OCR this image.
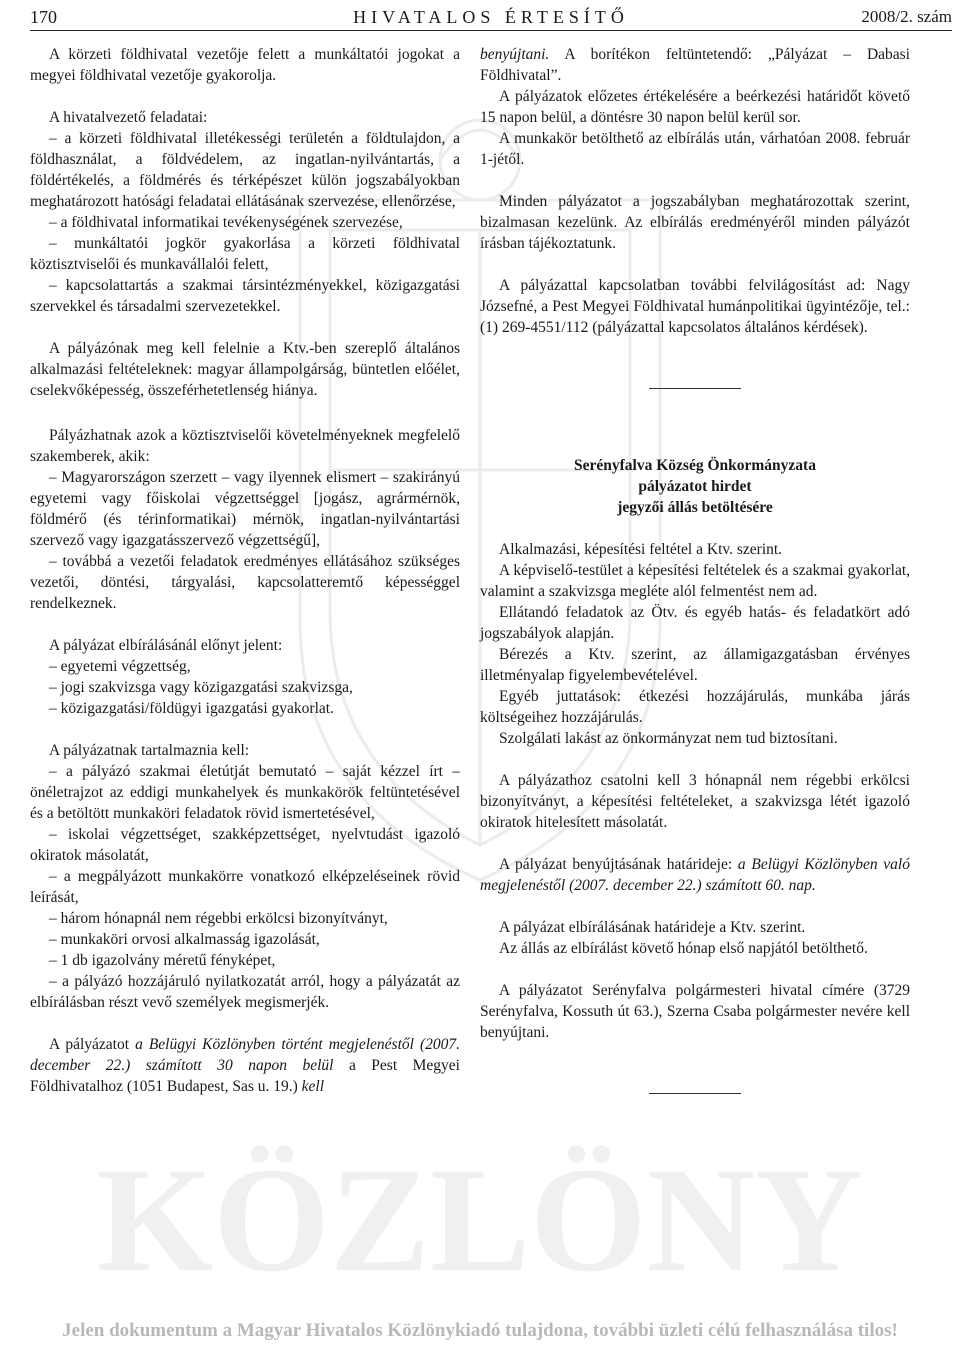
KÖZLÖNY
170	HIVATALOS ÉRTESÍTŐ	2008/2. szám

A körzeti földhivatal vezetője felett a munkáltatói jogokat a megyei földhivatal vezetője gyakorolja.

A hivatalvezető feladatai:

– a körzeti földhivatal illetékességi területén a földtulajdon, a földhasználat, a földvédelem, az ingatlan-nyilvántartás, a földértékelés, a földmérés és térképészet külön jogszabályokban meghatározott hatósági feladatai ellátásának szervezése, ellenőrzése,

– a földhivatal informatikai tevékenységének szervezése,

– munkáltatói jogkör gyakorlása a körzeti földhivatal köztisztviselői és munkavállalói felett,

– kapcsolattartás a szakmai társintézményekkel, közigazgatási szervekkel és társadalmi szervezetekkel.

A pályázónak meg kell felelnie a Ktv.-ben szereplő általános alkalmazási feltételeknek: magyar állampolgárság, büntetlen előélet, cselekvőképesség, összeférhetetlenség hiánya.

Pályázhatnak azok a köztisztviselői követelményeknek megfelelő szakemberek, akik:

– Magyarországon szerzett – vagy ilyennek elismert – szakirányú egyetemi vagy főiskolai végzettséggel [jogász, agrármérnök, földmérő (és térinformatikai) mérnök, ingatlan-nyilvántartási szervező vagy igazgatásszervező végzettségű],

– továbbá a vezetői feladatok eredményes ellátásához szükséges vezetői, döntési, tárgyalási, kapcsolatteremtő képességgel rendelkeznek.

A pályázat elbírálásánál előnyt jelent:

– egyetemi végzettség,

– jogi szakvizsga vagy közigazgatási szakvizsga,

– közigazgatási/földügyi igazgatási gyakorlat.

A pályázatnak tartalmaznia kell:

– a pályázó szakmai életútját bemutató – saját kézzel írt – önéletrajzot az eddigi munkahelyek és munkakörök feltüntetésével és a betöltött munkaköri feladatok rövid ismertetésével,

– iskolai végzettséget, szakképzettséget, nyelvtudást igazoló okiratok másolatát,

– a megpályázott munkakörre vonatkozó elképzeléseinek rövid leírását,

– három hónapnál nem régebbi erkölcsi bizonyítványt,

– munkaköri orvosi alkalmasság igazolását,

– 1 db igazolvány méretű fényképet,

– a pályázó hozzájáruló nyilatkozatát arról, hogy a pályázatát az elbírálásban részt vevő személyek megismerjék.

A pályázatot a Belügyi Közlönyben történt megjelenéstől (2007. december 22.) számított 30 napon belül a Pest Megyei Földhivatalhoz (1051 Budapest, Sas u. 19.) kell

benyújtani. A borítékon feltüntetendő: „Pályázat – Dabasi Földhivatal”.

A pályázatok előzetes értékelésére a beérkezési határidőt követő 15 napon belül, a döntésre 30 napon belül kerül sor.

A munkakör betölthető az elbírálás után, várhatóan 2008. február 1-jétől.

Minden pályázatot a jogszabályban meghatározottak szerint, bizalmasan kezelünk. Az elbírálás eredményéről minden pályázót írásban tájékoztatunk.

A pályázattal kapcsolatban további felvilágosítást ad: Nagy Józsefné, a Pest Megyei Földhivatal humánpolitikai ügyintézője, tel.: (1) 269-4551/112 (pályázattal kapcsolatos általános kérdések).

Serényfalva Község Önkormányzata

pályázatot hirdet

jegyzői állás betöltésére

Alkalmazási, képesítési feltétel a Ktv. szerint.

A képviselő-testület a képesítési feltételek és a szakmai gyakorlat, valamint a szakvizsga megléte alól felmentést nem ad.

Ellátandó feladatok az Ötv. és egyéb hatás- és feladatkört adó jogszabályok alapján.

Bérezés a Ktv. szerint, az államigazgatásban érvényes illetményalap figyelembevételével.

Egyéb juttatások: étkezési hozzájárulás, munkába járás költségeihez hozzájárulás.

Szolgálati lakást az önkormányzat nem tud biztosítani.

A pályázathoz csatolni kell 3 hónapnál nem régebbi erkölcsi bizonyítványt, a képesítési feltételeket, a szakvizsga létét igazoló okiratok hitelesített másolatát.

A pályázat benyújtásának határideje: a Belügyi Közlönyben való megjelenéstől (2007. december 22.) számított 60. nap.

A pályázat elbírálásának határideje a Ktv. szerint.

Az állás az elbírálást követő hónap első napjától betölthető.

A pályázatot Serényfalva polgármesteri hivatal címére (3729 Serényfalva, Kossuth út 63.), Szerna Csaba polgármester nevére kell benyújtani.

Jelen dokumentum a Magyar Hivatalos Közlönykiadó tulajdona, további üzleti célú felhasználása tilos!
